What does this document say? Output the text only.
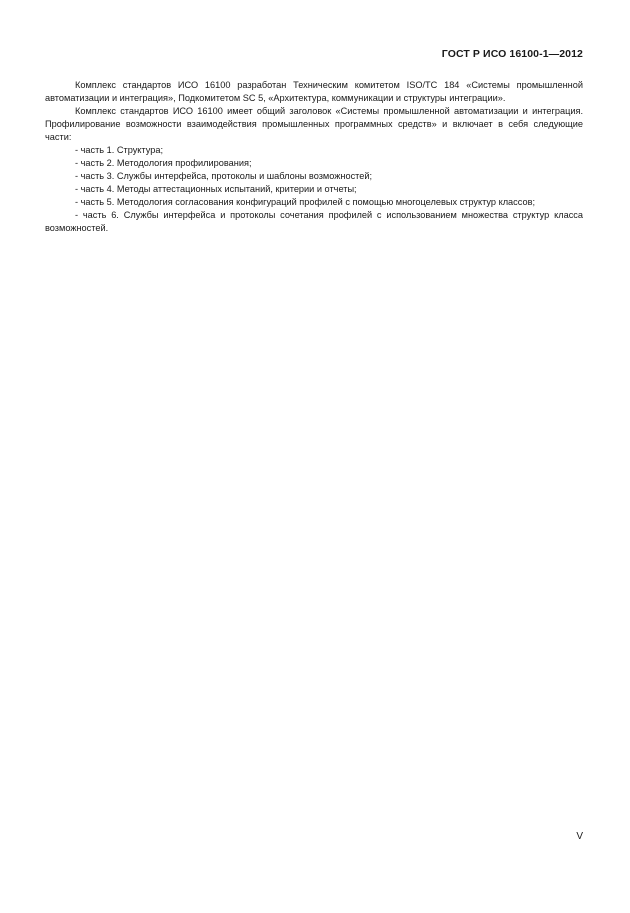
ГОСТ Р ИСО 16100-1—2012

Комплекс стандартов ИСО 16100 разработан Техническим комитетом ISO/TC 184 «Системы промышленной автоматизации и интеграция», Подкомитетом SC 5, «Архитектура, коммуникации и структуры интеграции».

Комплекс стандартов ИСО 16100 имеет общий заголовок «Системы промышленной автоматизации и интеграция. Профилирование возможности взаимодействия промышленных программных средств» и включает в себя следующие части:

- часть 1. Структура;
- часть 2. Методология профилирования;
- часть 3. Службы интерфейса, протоколы и шаблоны возможностей;
- часть 4. Методы аттестационных испытаний, критерии и отчеты;
- часть 5. Методология согласования конфигураций профилей с помощью многоцелевых структур классов;
- часть 6. Службы интерфейса и протоколы сочетания профилей с использованием множества структур класса возможностей.
V
